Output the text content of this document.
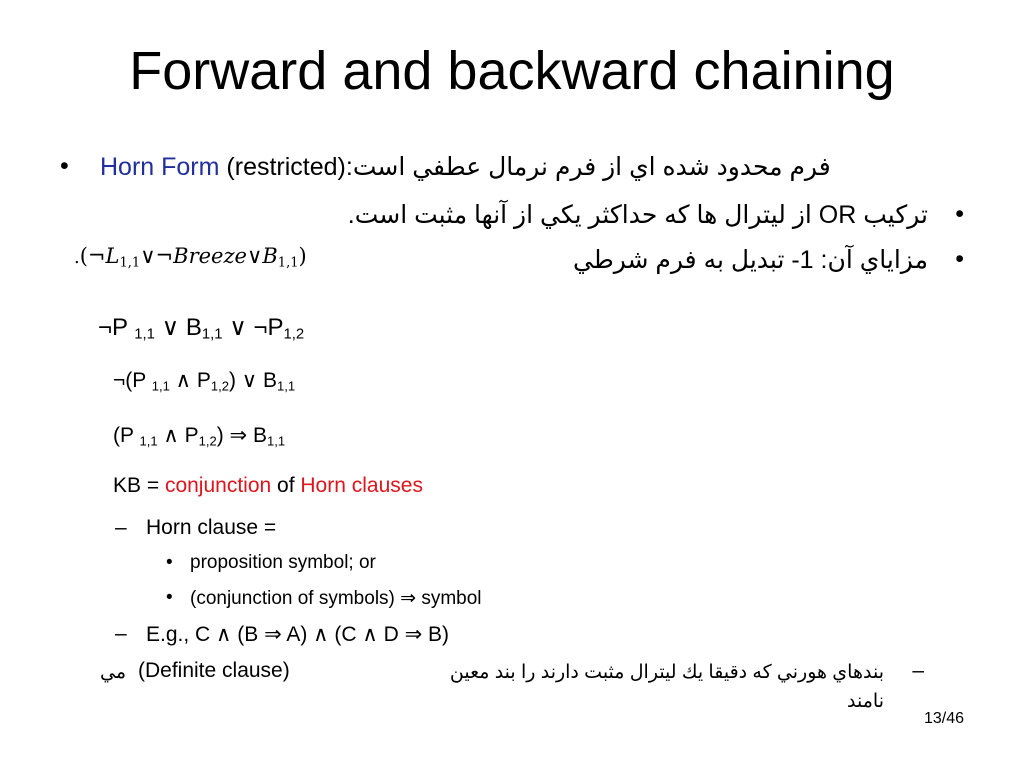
Forward and backward chaining
• Horn Form (restricted):فرم محدود شده اي از فرم نرمال عطفي است
•
تركيب OR از ليترال ها كه حداكثر يكي از آنها مثبت است.
•
مزاياي آن: 1- تبديل به فرم شرطي
$.(\neg L_{1,1}\vee\neg Breeze\vee B_{1,1})$
¬P $_{1,1}$ ∨ $B_{1,1}$ ∨ $\neg P_{1,2}$
¬(P $_{1,1}$ ∧ $P_{1,2}$) ∨ $B_{1,1}$
(P $_{1,1}$ ∧ $P_{1,2}$) ⇒ $B_{1,1}$
KB = conjunction of Horn clauses
– Horn clause =
• proposition symbol; or
• (conjunction of symbols) ⇒ symbol
– E.g., C ∧ (B ⇒ A) ∧ (C ∧ D ⇒ B)
–
بندهاي هورني كه دقيقا يك ليترال مثبت دارند را بند معين
(Definite clause)
مي
نامند
13/46
